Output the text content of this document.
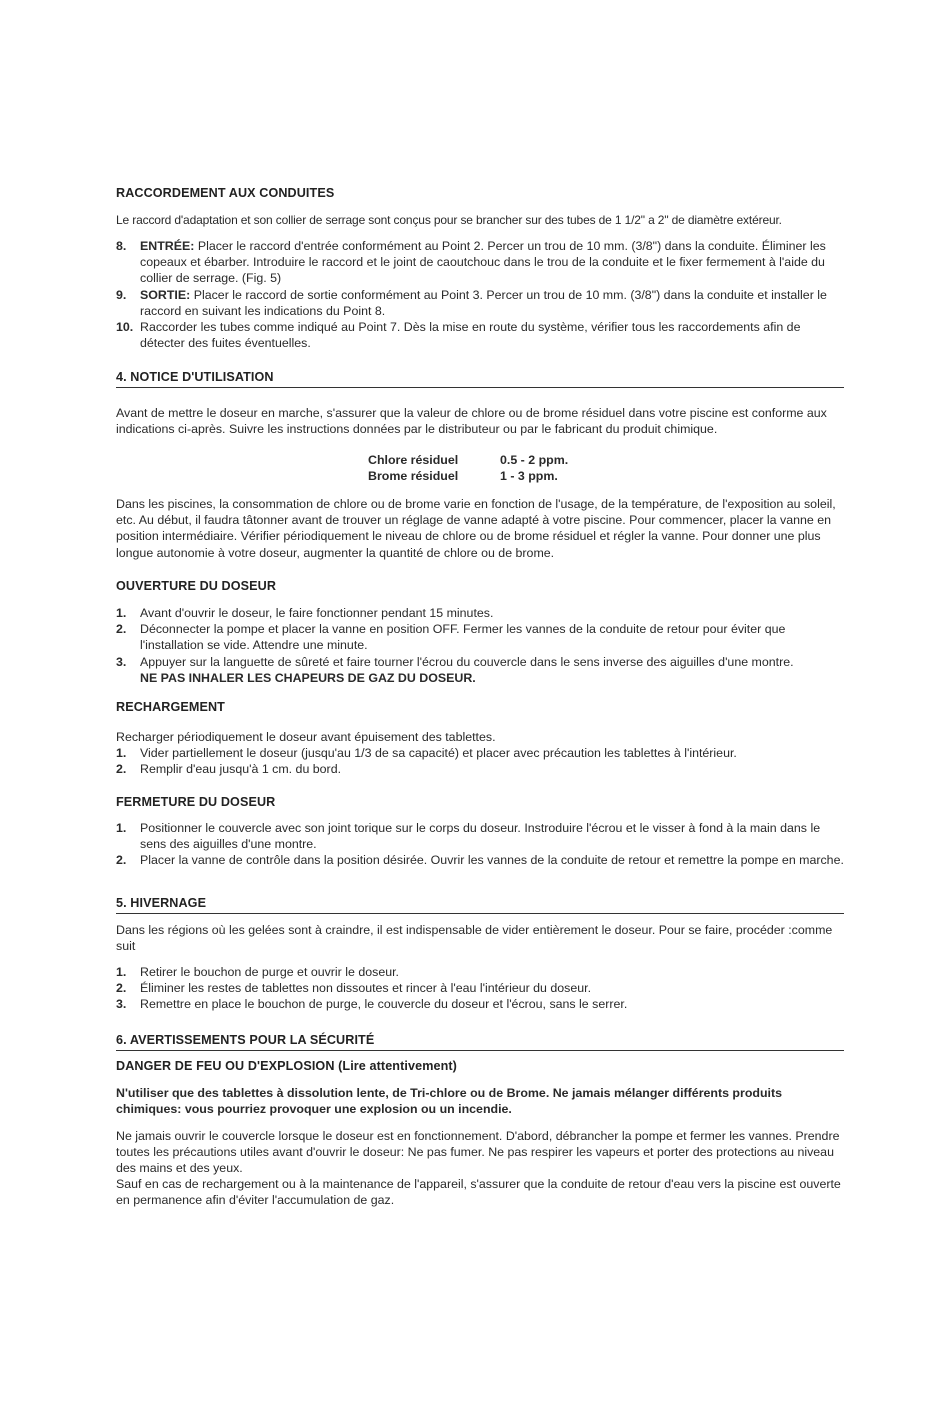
RACCORDEMENT AUX CONDUITES

Le raccord d'adaptation et son collier de serrage sont conçus pour se brancher sur des tubes de 1 1/2" a 2" de diamètre extéreur.

8. ENTRÉE: Placer le raccord d'entrée conformément au Point 2. Percer un trou de 10 mm. (3/8") dans la conduite. Éliminer les copeaux et ébarber. Introduire le raccord et le joint de caoutchouc dans le trou de la conduite et le fixer fermement à l'aide du collier de serrage. (Fig. 5)
9. SORTIE: Placer le raccord de sortie conformément au Point 3. Percer un trou de 10 mm. (3/8") dans la conduite et installer le raccord en suivant les indications du Point 8.
10. Raccorder les tubes comme indiqué au Point 7. Dès la mise en route du système, vérifier tous les raccordements afin de détecter des fuites éventuelles.
4. NOTICE D'UTILISATION

Avant de mettre le doseur en marche, s'assurer que la valeur de chlore ou de brome résiduel dans votre piscine est conforme aux indications ci-après. Suivre les instructions données par le distributeur ou par le fabricant du produit chimique.

Chlore résiduel	0.5 - 2 ppm.
Brome résiduel	1 - 3 ppm.

Dans les piscines, la consommation de chlore ou de brome varie en fonction de l'usage, de la température, de l'exposition au soleil, etc. Au début, il faudra tâtonner avant de trouver un réglage de vanne adapté à votre piscine. Pour commencer, placer la vanne en position intermédiaire. Vérifier périodiquement le niveau de chlore ou de brome résiduel et régler la vanne. Pour donner une plus longue autonomie à votre doseur, augmenter la quantité de chlore ou de brome.

OUVERTURE DU DOSEUR
1. Avant d'ouvrir le doseur, le faire fonctionner pendant 15 minutes.
2. Déconnecter la pompe et placer la vanne en position OFF. Fermer les vannes de la conduite de retour pour éviter que l'installation se vide. Attendre une minute.
3. Appuyer sur la languette de sûreté et faire tourner l'écrou du couvercle dans le sens inverse des aiguilles d'une montre.
NE PAS INHALER LES CHAPEURS DE GAZ DU DOSEUR.
RECHARGEMENT

Recharger périodiquement le doseur avant épuisement des tablettes.

1. Vider partiellement le doseur (jusqu'au 1/3 de sa capacité) et placer avec précaution les tablettes à l'intérieur.
2. Remplir d'eau jusqu'à 1 cm. du bord.
FERMETURE DU DOSEUR
1. Positionner le couvercle avec son joint torique sur le corps du doseur. Instroduire l'écrou et le visser à fond à la main dans le sens des aiguilles d'une montre.
2. Placer la vanne de contrôle dans la position désirée. Ouvrir les vannes de la conduite de retour et remettre la pompe en marche.
5. HIVERNAGE

Dans les régions où les gelées sont à craindre, il est indispensable de vider entièrement le doseur. Pour se faire, procéder :comme suit

1. Retirer le bouchon de purge et ouvrir le doseur.
2. Éliminer les restes de tablettes non dissoutes et rincer à l'eau l'intérieur du doseur.
3. Remettre en place le bouchon de purge, le couvercle du doseur et l'écrou, sans le serrer.
6. AVERTISSEMENTS POUR LA SÉCURITÉ
DANGER DE FEU OU D'EXPLOSION (Lire attentivement)

N'utiliser que des tablettes à dissolution lente, de Tri-chlore ou de Brome. Ne jamais mélanger différents produits chimiques: vous pourriez provoquer une explosion ou un incendie.

Ne jamais ouvrir le couvercle lorsque le doseur est en fonctionnement. D'abord, débrancher la pompe et fermer les vannes. Prendre toutes les précautions utiles avant d'ouvrir le doseur: Ne pas fumer. Ne pas respirer les vapeurs et porter des protections au niveau des mains et des yeux.

Sauf en cas de rechargement ou à la maintenance de l'appareil, s'assurer que la conduite de retour d'eau vers la piscine est ouverte en permanence afin d'éviter l'accumulation de gaz.
